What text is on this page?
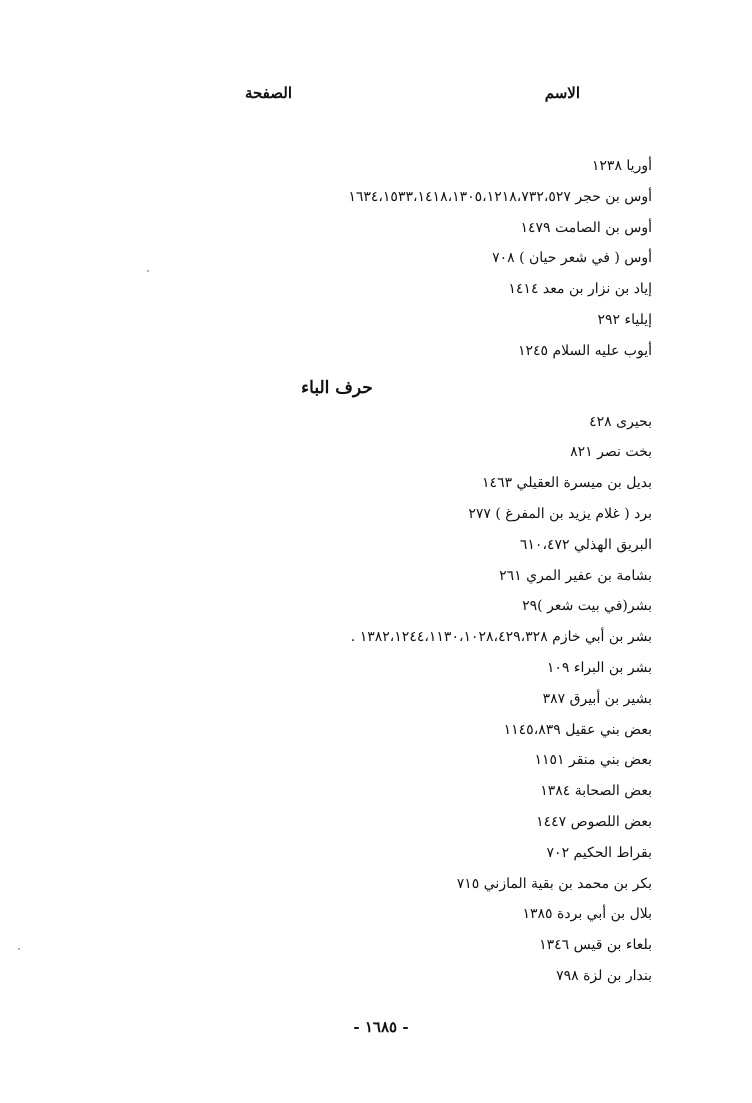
الاسم
الصفحة
أوريا ١٢٣٨
أوس بن حجر ١٦٣٤،١٥٣٣،١٤١٨،١٣٠٥،١٢١٨،٧٣٢،٥٢٧
أوس بن الصامت ١٤٧٩
أوس ( في شعر حيان ) ٧٠٨
إياد بن نزار بن معد ١٤١٤
إيلياء ٢٩٢
أيوب عليه السلام ١٢٤٥
حرف الباء
بحيرى ٤٢٨
بخت نصر ٨٢١
بديل بن ميسرة العقيلي ١٤٦٣
برد ( غلام يزيد بن المفرغ ) ٢٧٧
البريق الهذلي ٦١٠،٤٧٢
بشامة بن عفير المري ٢٦١
بشر(في بيت شعر )٢٩
بشر بن أبي خازم ١٣٨٢،١٢٤٤،١١٣٠،١٠٢٨،٤٢٩،٣٢٨ .
بشر بن البراء ١٠٩
بشير بن أبيرق ٣٨٧
بعض بني عقيل ١١٤٥،٨٣٩
بعض بني منقر ١١٥١
بعض الصحابة ١٣٨٤
بعض اللصوص ١٤٤٧
بقراط الحكيم ٧٠٢
بكر بن محمد بن بقية المازني ٧١٥
بلال بن أبي بردة ١٣٨٥
بلعاء بن قيس ١٣٤٦
بندار بن لزة ٧٩٨
- ١٦٨٥ -
